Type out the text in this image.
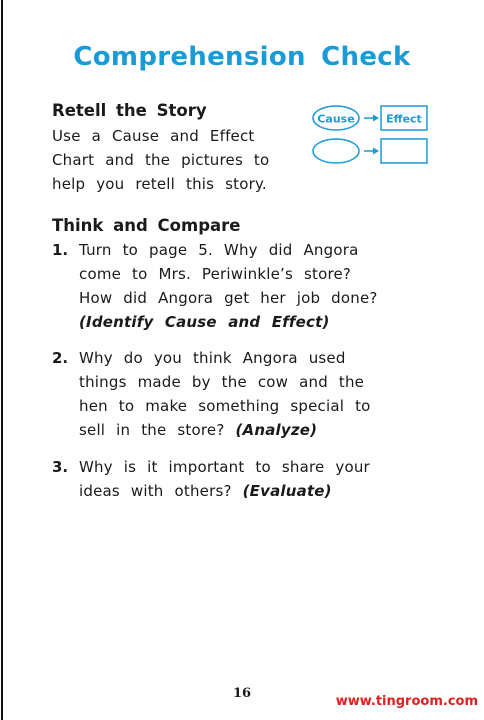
Comprehension Check
Retell the Story
Use a Cause and Effect Chart and the pictures to help you retell this story.
Cause	Effect
Think and Compare
1. Turn to page 5. Why did Angora come to Mrs. Periwinkle’s store? How did Angora get her job done? (Identify Cause and Effect)
2. Why do you think Angora used things made by the cow and the hen to make something special to sell in the store? (Analyze)
3. Why is it important to share your ideas with others? (Evaluate)
16
www.tingroom.com
